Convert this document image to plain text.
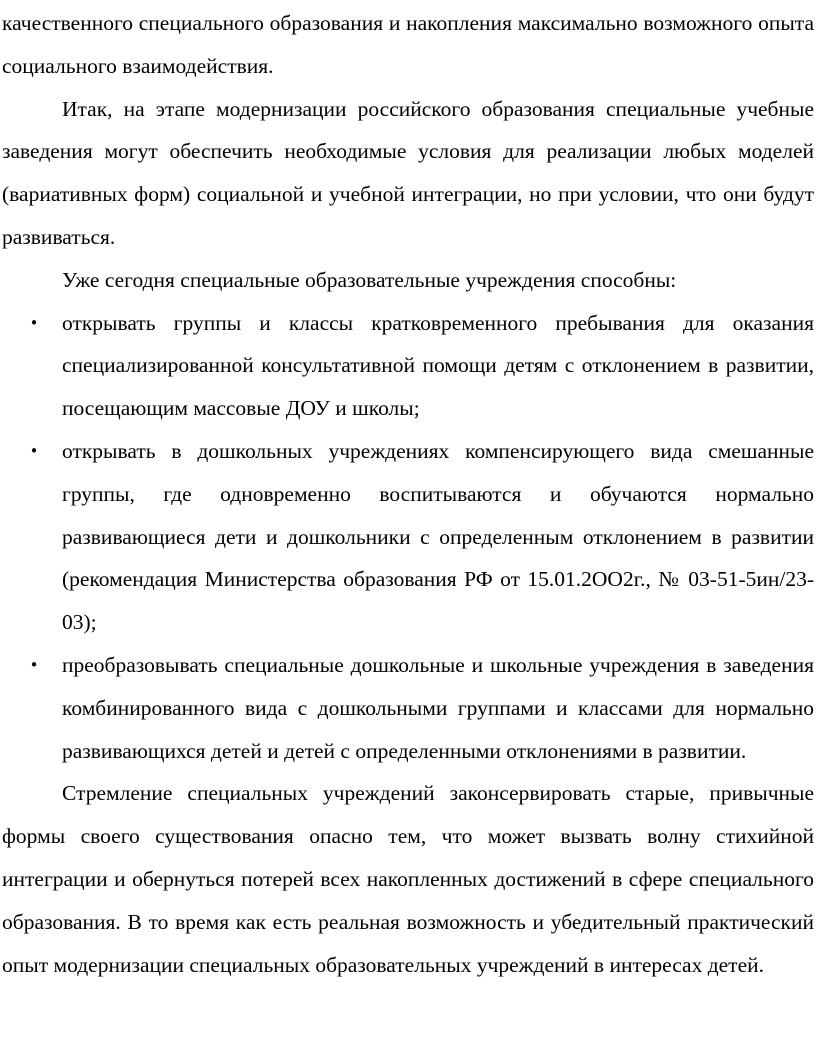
качественного специального образования и накопления максимально возможного опыта социального взаимодействия.

Итак, на этапе модернизации российского образования специальные учебные заведения могут обеспечить необходимые условия для реализации любых моделей (вариативных форм) социальной и учебной интеграции, но при условии, что они будут развиваться.

Уже сегодня специальные образовательные учреждения способны:

• открывать группы и классы кратковременного пребывания для оказания специализированной консультативной помощи детям с отклонением в развитии, посещающим массовые ДОУ и школы;
• открывать в дошкольных учреждениях компенсирующего вида смешанные группы, где одновременно воспитываются и обучаются нормально развивающиеся дети и дошкольники с определенным отклонением в развитии (рекомендация Министерства образования РФ от 15.01.2OO2г., № 03-51-5ин/23-03);
• преобразовывать специальные дошкольные и школьные учреждения в заведения комбинированного вида с дошкольными группами и классами для нормально развивающихся детей и детей с определенными отклонениями в развитии.

Стремление специальных учреждений законсервировать старые, привычные формы своего существования опасно тем, что может вызвать волну стихийной интеграции и обернуться потерей всех накопленных достижений в сфере специального образования. В то время как есть реальная возможность и убедительный практический опыт модернизации специальных образовательных учреждений в интересах детей.
